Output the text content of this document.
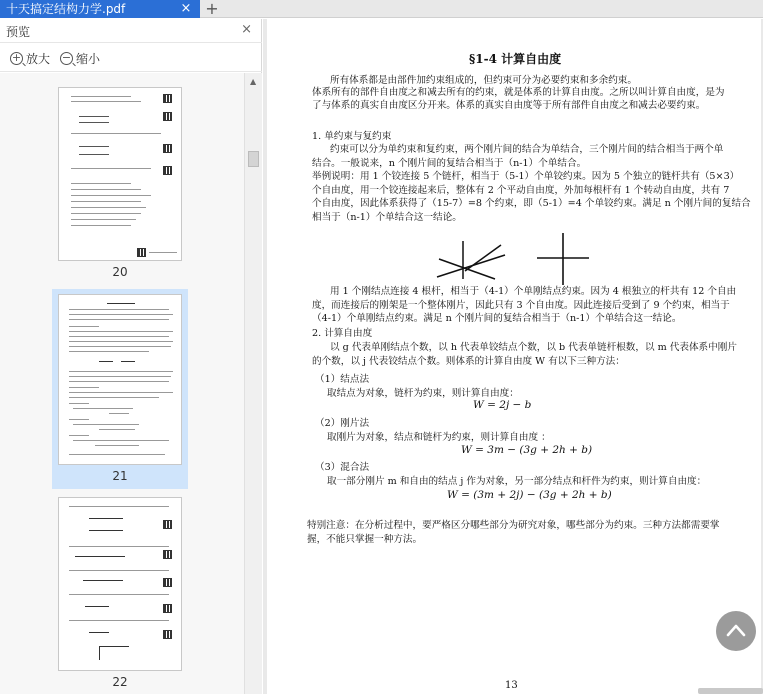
十天搞定结构力学.pdf	× +
预览	×
+ 放大 − 缩小
20
21
22
▲
§1-4 计算自由度
所有体系都是由部件加约束组成的，但约束可分为必要约束和多余约束。
体系所有的部件自由度之和减去所有的约束，就是体系的计算自由度。之所以叫计算自由度，是为
了与体系的真实自由度区分开来。体系的真实自由度等于所有部件自由度之和减去必要约束。
1. 单约束与复约束
约束可以分为单约束和复约束，两个刚片间的结合为单结合，三个刚片间的结合相当于两个单
结合。一般说来，n 个刚片间的复结合相当于（n-1）个单结合。
举例说明：用 1 个铰连接 5 个链杆，相当于（5-1）个单铰约束。因为 5 个独立的链杆共有（5×3）
个自由度，用一个铰连接起来后，整体有 2 个平动自由度，外加每根杆有 1 个转动自由度，共有 7
个自由度，因此体系获得了（15-7）=8 个约束，即（5-1）=4 个单铰约束。满足 n 个刚片间的复结合
相当于（n-1）个单结合这一结论。
用 1 个刚结点连接 4 根杆，相当于（4-1）个单刚结点约束。因为 4 根独立的杆共有 12 个自由
度，而连接后的刚架是一个整体刚片，因此只有 3 个自由度。因此连接后受到了 9 个约束，相当于
（4-1）个单刚结点约束。满足 n 个刚片间的复结合相当于（n-1）个单结合这一结论。
2. 计算自由度
以 g 代表单刚结点个数，以 h 代表单铰结点个数，以 b 代表单链杆根数，以 m 代表体系中刚片
的个数，以 j 代表铰结点个数。则体系的计算自由度 W 有以下三种方法：
（1）结点法
取结点为对象，链杆为约束，则计算自由度：
W = 2j − b
（2）刚片法
取刚片为对象，结点和链杆为约束，则计算自由度 ：
W = 3m − (3g + 2h + b)
（3）混合法
取一部分刚片 m 和自由的结点 j 作为对象，另一部分结点和杆件为约束，则计算自由度：
W = (3m + 2j) − (3g + 2h + b)
特别注意：在分析过程中，要严格区分哪些部分为研究对象，哪些部分为约束。三种方法都需要掌
握，不能只掌握一种方法。
13
